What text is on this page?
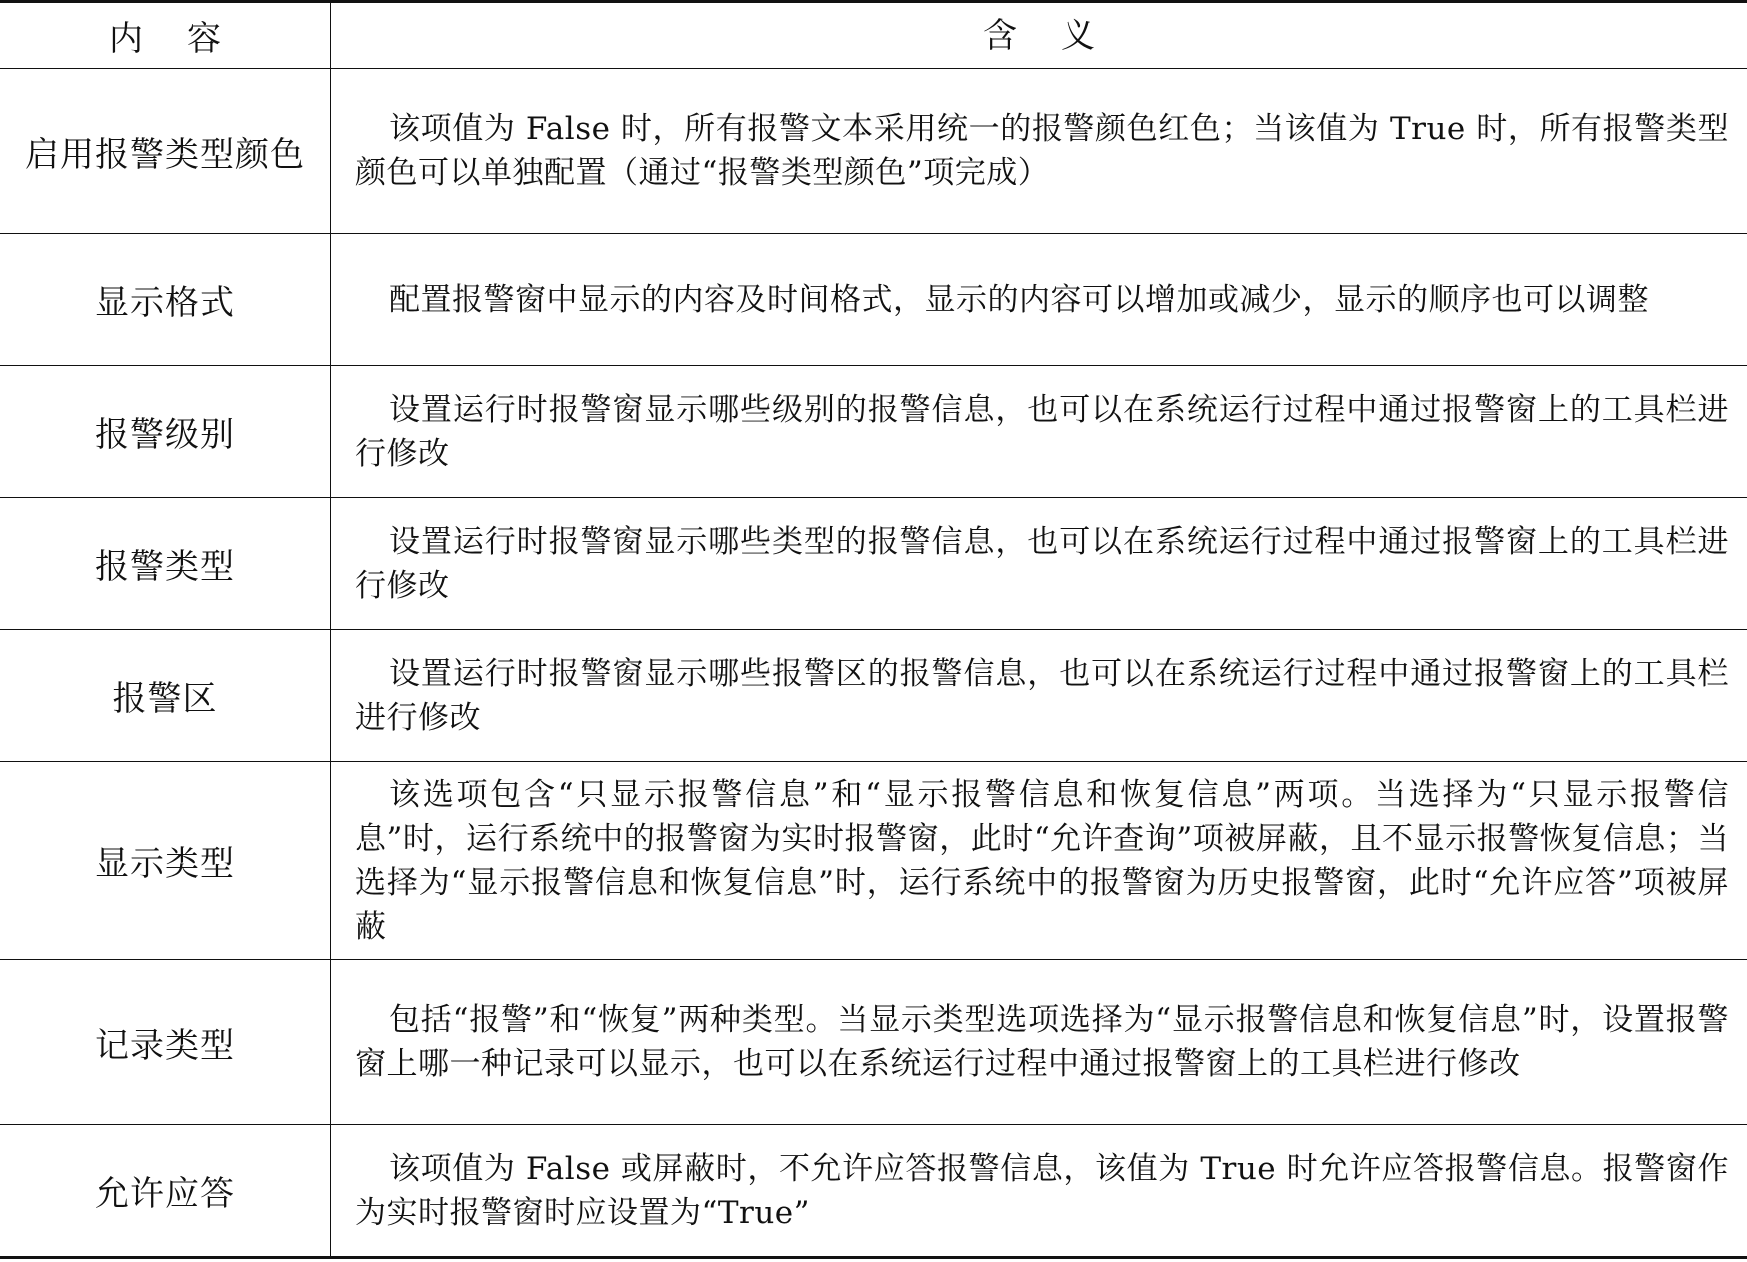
内容	含义
启用报警类型颜色
该项值为 False 时，所有报警文本采用统一的报警颜色红色；当该值为 True 时，所有报警类型颜色可以单独配置（通过“报警类型颜色”项完成）
显示格式	配置报警窗中显示的内容及时间格式，显示的内容可以增加或减少，显示的顺序也可以调整
报警级别
设置运行时报警窗显示哪些级别的报警信息，也可以在系统运行过程中通过报警窗上的工具栏进行修改
报警类型
设置运行时报警窗显示哪些类型的报警信息，也可以在系统运行过程中通过报警窗上的工具栏进行修改
报警区
设置运行时报警窗显示哪些报警区的报警信息，也可以在系统运行过程中通过报警窗上的工具栏进行修改
显示类型
该选项包含“只显示报警信息”和“显示报警信息和恢复信息”两项。当选择为“只显示报警信息”时，运行系统中的报警窗为实时报警窗，此时“允许查询”项被屏蔽，且不显示报警恢复信息；当选择为“显示报警信息和恢复信息”时，运行系统中的报警窗为历史报警窗，此时“允许应答”项被屏蔽
记录类型
包括“报警”和“恢复”两种类型。当显示类型选项选择为“显示报警信息和恢复信息”时，设置报警窗上哪一种记录可以显示，也可以在系统运行过程中通过报警窗上的工具栏进行修改
允许应答
该项值为 False 或屏蔽时，不允许应答报警信息，该值为 True 时允许应答报警信息。报警窗作为实时报警窗时应设置为“True”
